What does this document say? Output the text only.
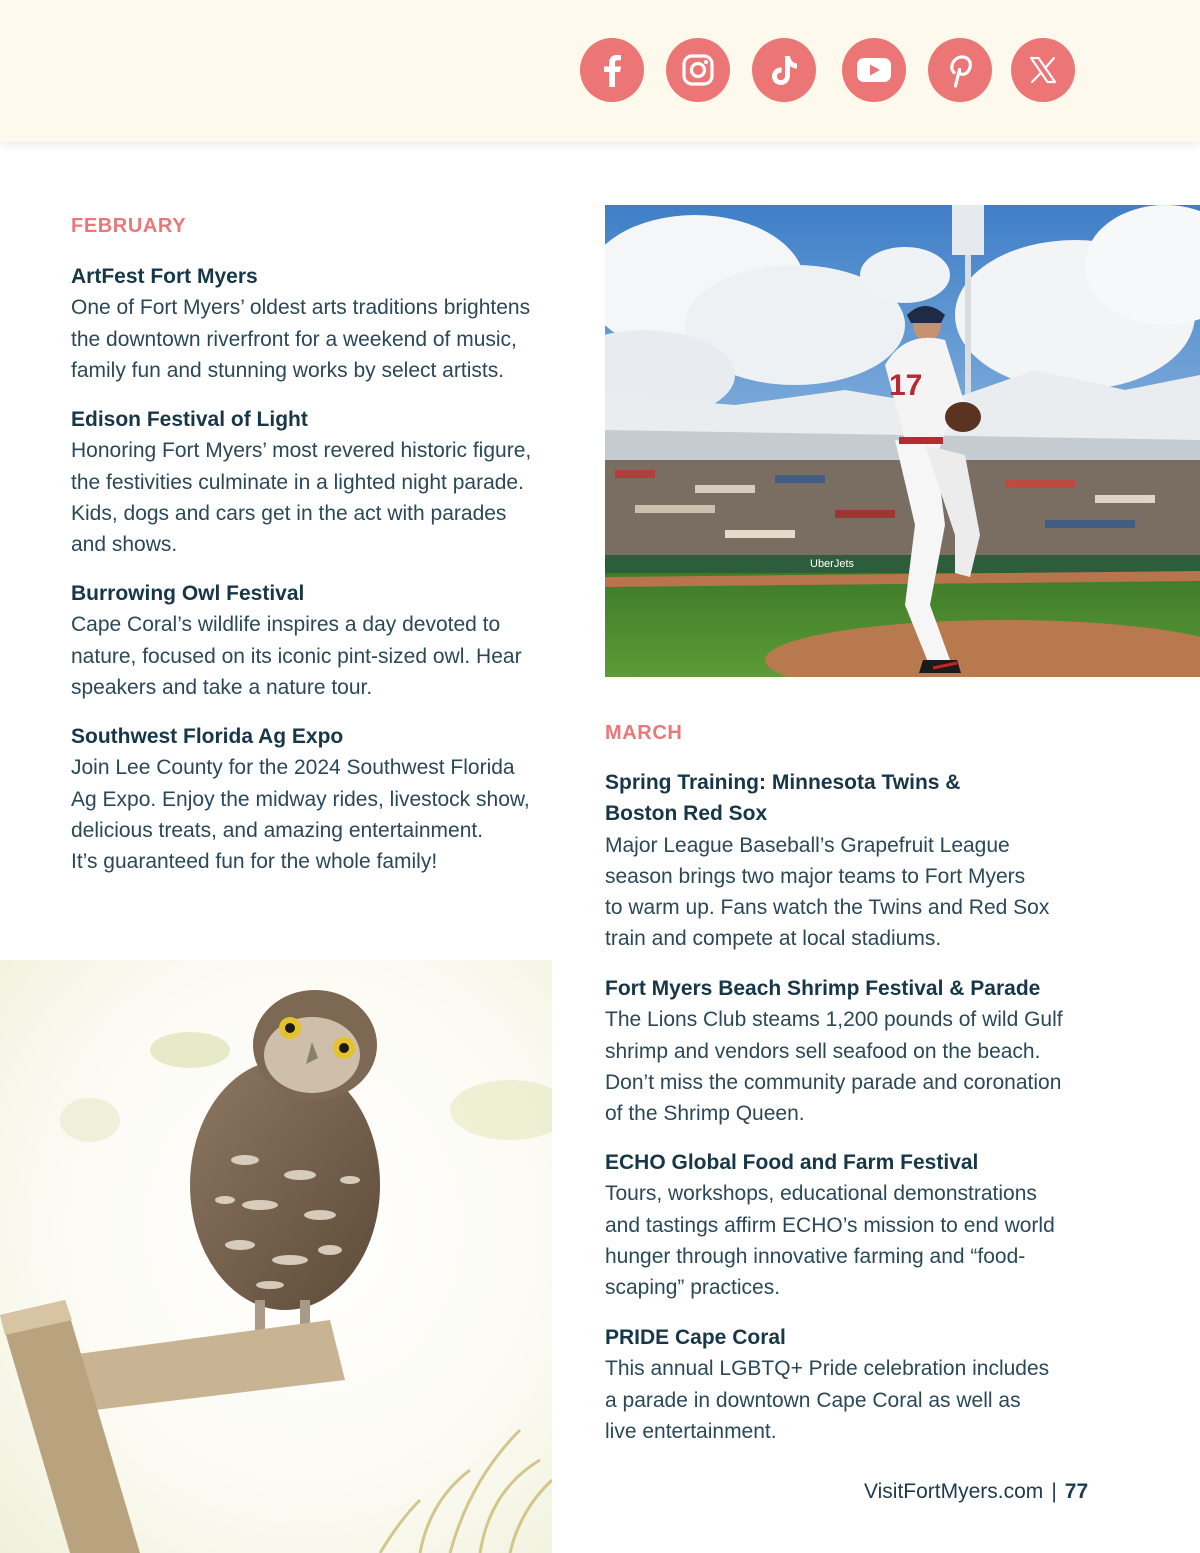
FEBRUARY
ArtFest Fort Myers

One of Fort Myers’ oldest arts traditions brightens
the downtown riverfront for a weekend of music,
family fun and stunning works by select artists.

Edison Festival of Light

Honoring Fort Myers’ most revered historic figure,
the festivities culminate in a lighted night parade.
Kids, dogs and cars get in the act with parades
and shows.

Burrowing Owl Festival

Cape Coral’s wildlife inspires a day devoted to
nature, focused on its iconic pint-sized owl. Hear
speakers and take a nature tour.

Southwest Florida Ag Expo

Join Lee County for the 2024 Southwest Florida
Ag Expo. Enjoy the midway rides, livestock show,
delicious treats, and amazing entertainment.
It’s guaranteed fun for the whole family!

UberJets
17
MARCH
Spring Training: Minnesota Twins &
Boston Red Sox

Major League Baseball’s Grapefruit League
season brings two major teams to Fort Myers
to warm up. Fans watch the Twins and Red Sox
train and compete at local stadiums.

Fort Myers Beach Shrimp Festival & Parade

The Lions Club steams 1,200 pounds of wild Gulf
shrimp and vendors sell seafood on the beach.
Don’t miss the community parade and coronation
of the Shrimp Queen.

ECHO Global Food and Farm Festival

Tours, workshops, educational demonstrations
and tastings affirm ECHO’s mission to end world
hunger through innovative farming and “food-
scaping” practices.

PRIDE Cape Coral

This annual LGBTQ+ Pride celebration includes
a parade in downtown Cape Coral as well as
live entertainment.

VisitFortMyers.com | 77
